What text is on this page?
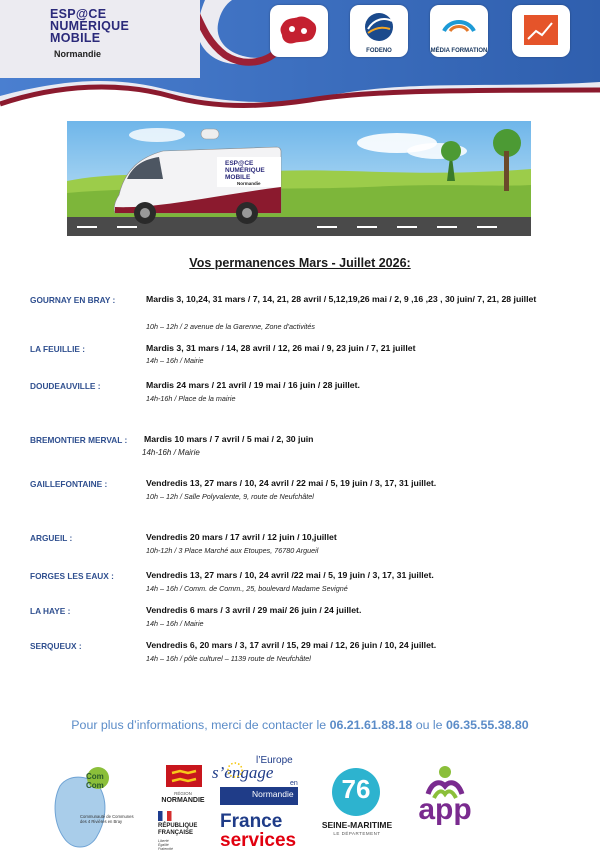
ESP@CE
NUMÉRIQUE
MOBILE
Normandie	FODENO	MÉDIA FORMATION
ESP@CE
NUMÉRIQUE
MOBILE
Normandie
Vos permanences Mars - Juillet 2026:
GOURNAY EN BRAY :	Mardis 3, 10,24, 31 mars / 7, 14, 21, 28 avril / 5,12,19,26 mai / 2, 9 ,16 ,23 , 30 juin/ 7, 21, 28 juillet
10h – 12h / 2 avenue de la Garenne, Zone d’activités
LA FEUILLIE :	Mardis 3, 31 mars / 14, 28 avril / 12, 26 mai / 9, 23 juin / 7, 21 juillet
14h – 16h / Mairie
DOUDEAUVILLE :	Mardis 24 mars / 21 avril / 19 mai / 16 juin / 28 juillet.
14h-16h / Place de la mairie
BREMONTIER MERVAL : Mardis 10 mars / 7 avril / 5 mai / 2, 30 juin
14h-16h / Mairie
GAILLEFONTAINE :	Vendredis 13, 27 mars / 10, 24 avril / 22 mai / 5, 19 juin / 3, 17, 31 juillet.
10h – 12h / Salle Polyvalente, 9, route de Neufchâtel
ARGUEIL :	Vendredis 20 mars / 17 avril / 12 juin / 10,juillet
10h-12h / 3 Place Marché aux Etoupes, 76780 Argueil
FORGES LES EAUX :	Vendredis 13, 27 mars / 10, 24 avril /22 mai / 5, 19 juin / 3, 17, 31 juillet.
14h – 16h / Comm. de Comm., 25, boulevard Madame Sevigné
LA HAYE :	Vendredis 6 mars / 3 avril / 29 mai/ 26 juin / 24 juillet.
14h – 16h / Mairie
SERQUEUX :	Vendredis 6, 20 mars / 3, 17 avril / 15, 29 mai / 12, 26 juin / 10, 24 juillet.
14h – 16h / pôle culturel – 1139 route de Neufchâtel
Pour plus d’informations, merci de contacter le 06.21.61.88.18 ou le 06.35.55.38.80
Com
Com
Communauté de Communes
des 4 Rivières en Bray
RÉGION
NORMANDIE
RÉPUBLIQUE
FRANÇAISE
Liberté Égalité Fraternité
l’Europe
s’engage
en
Normandie
France
services
76
SEINE-MARITIME
LE DÉPARTEMENT
app
